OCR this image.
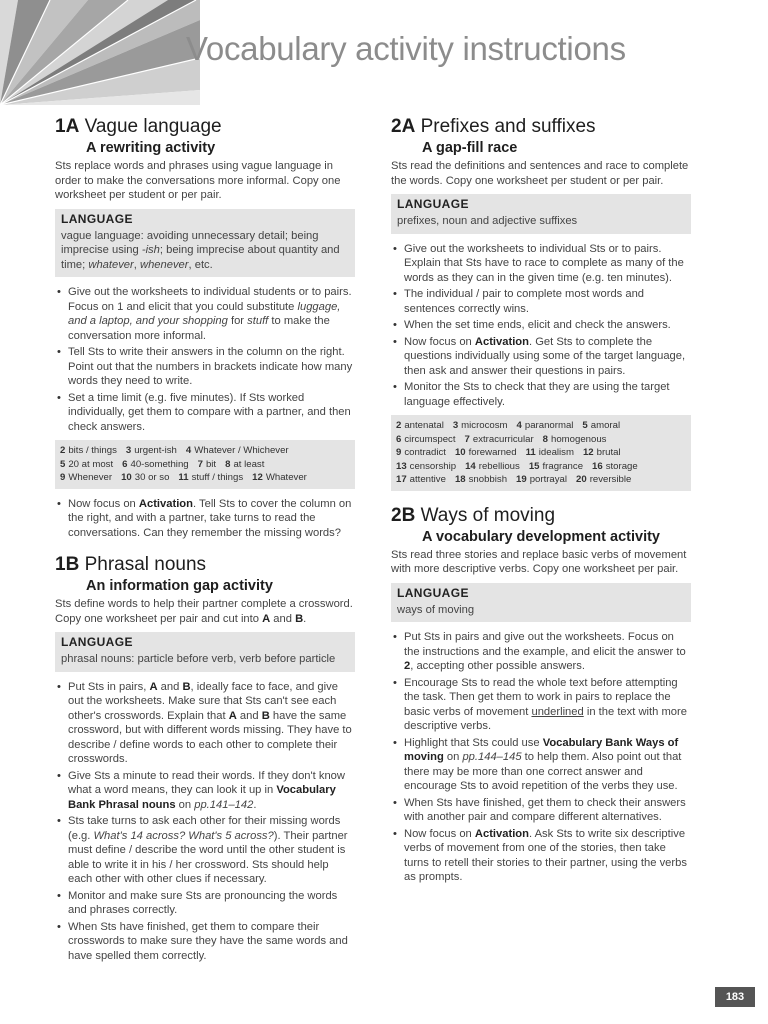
Vocabulary activity instructions
1A Vague language
A rewriting activity

Sts replace words and phrases using vague language in order to make the conversations more informal. Copy one worksheet per student or per pair.

LANGUAGE
vague language: avoiding unnecessary detail; being imprecise using -ish; being imprecise about quantity and time; whatever, whenever, etc.
• Give out the worksheets to individual students or to pairs. Focus on 1 and elicit that you could substitute luggage, and a laptop, and your shopping for stuff to make the conversation more informal.
• Tell Sts to write their answers in the column on the right. Point out that the numbers in brackets indicate how many words they need to write.
• Set a time limit (e.g. five minutes). If Sts worked individually, get them to compare with a partner, and then check answers.
2 bits / things 3 urgent-ish 4 Whatever / Whichever
5 20 at most 6 40-something 7 bit 8 at least
9 Whenever 10 30 or so 11 stuff / things 12 Whatever
• Now focus on Activation. Tell Sts to cover the column on the right, and with a partner, take turns to read the conversations. Can they remember the missing words?
1B Phrasal nouns
An information gap activity

Sts define words to help their partner complete a crossword. Copy one worksheet per pair and cut into A and B.

LANGUAGE
phrasal nouns: particle before verb, verb before particle
• Put Sts in pairs, A and B, ideally face to face, and give out the worksheets. Make sure that Sts can't see each other's crosswords. Explain that A and B have the same crossword, but with different words missing. They have to describe / define words to each other to complete their crosswords.
• Give Sts a minute to read their words. If they don't know what a word means, they can look it up in Vocabulary Bank Phrasal nouns on pp.141–142.
• Sts take turns to ask each other for their missing words (e.g. What's 14 across? What's 5 across?). Their partner must define / describe the word until the other student is able to write it in his / her crossword. Sts should help each other with other clues if necessary.
• Monitor and make sure Sts are pronouncing the words and phrases correctly.
• When Sts have finished, get them to compare their crosswords to make sure they have the same words and have spelled them correctly.
2A Prefixes and suffixes
A gap-fill race

Sts read the definitions and sentences and race to complete the words. Copy one worksheet per student or per pair.

LANGUAGE
prefixes, noun and adjective suffixes
• Give out the worksheets to individual Sts or to pairs. Explain that Sts have to race to complete as many of the words as they can in the given time (e.g. ten minutes).
• The individual / pair to complete most words and sentences correctly wins.
• When the set time ends, elicit and check the answers.
• Now focus on Activation. Get Sts to complete the questions individually using some of the target language, then ask and answer their questions in pairs.
• Monitor the Sts to check that they are using the target language effectively.
2 antenatal 3 microcosm 4 paranormal 5 amoral
6 circumspect 7 extracurricular 8 homogenous
9 contradict 10 forewarned 11 idealism 12 brutal
13 censorship 14 rebellious 15 fragrance 16 storage
17 attentive 18 snobbish 19 portrayal 20 reversible
2B Ways of moving
A vocabulary development activity

Sts read three stories and replace basic verbs of movement with more descriptive verbs. Copy one worksheet per pair.

LANGUAGE
ways of moving
• Put Sts in pairs and give out the worksheets. Focus on the instructions and the example, and elicit the answer to 2, accepting other possible answers.
• Encourage Sts to read the whole text before attempting the task. Then get them to work in pairs to replace the basic verbs of movement underlined in the text with more descriptive verbs.
• Highlight that Sts could use Vocabulary Bank Ways of moving on pp.144–145 to help them. Also point out that there may be more than one correct answer and encourage Sts to avoid repetition of the verbs they use.
• When Sts have finished, get them to check their answers with another pair and compare different alternatives.
• Now focus on Activation. Ask Sts to write six descriptive verbs of movement from one of the stories, then take turns to retell their stories to their partner, using the verbs as prompts.
183
